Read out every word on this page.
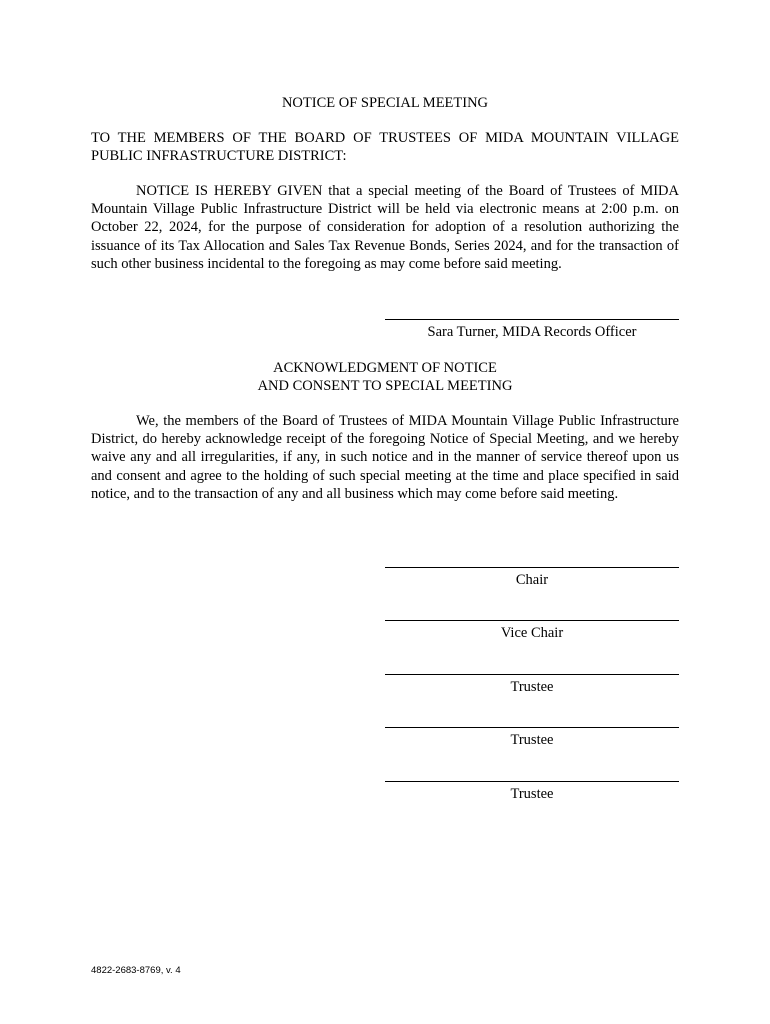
NOTICE OF SPECIAL MEETING

TO THE MEMBERS OF THE BOARD OF TRUSTEES OF MIDA MOUNTAIN VILLAGE PUBLIC INFRASTRUCTURE DISTRICT:

NOTICE IS HEREBY GIVEN that a special meeting of the Board of Trustees of MIDA Mountain Village Public Infrastructure District will be held via electronic means at 2:00 p.m. on October 22, 2024, for the purpose of consideration for adoption of a resolution authorizing the issuance of its Tax Allocation and Sales Tax Revenue Bonds, Series 2024, and for the transaction of such other business incidental to the foregoing as may come before said meeting.

Sara Turner, MIDA Records Officer

ACKNOWLEDGMENT OF NOTICE
AND CONSENT TO SPECIAL MEETING

We, the members of the Board of Trustees of MIDA Mountain Village Public Infrastructure District, do hereby acknowledge receipt of the foregoing Notice of Special Meeting, and we hereby waive any and all irregularities, if any, in such notice and in the manner of service thereof upon us and consent and agree to the holding of such special meeting at the time and place specified in said notice, and to the transaction of any and all business which may come before said meeting.

Chair

Vice Chair

Trustee

Trustee

Trustee

4822-2683-8769, v. 4
